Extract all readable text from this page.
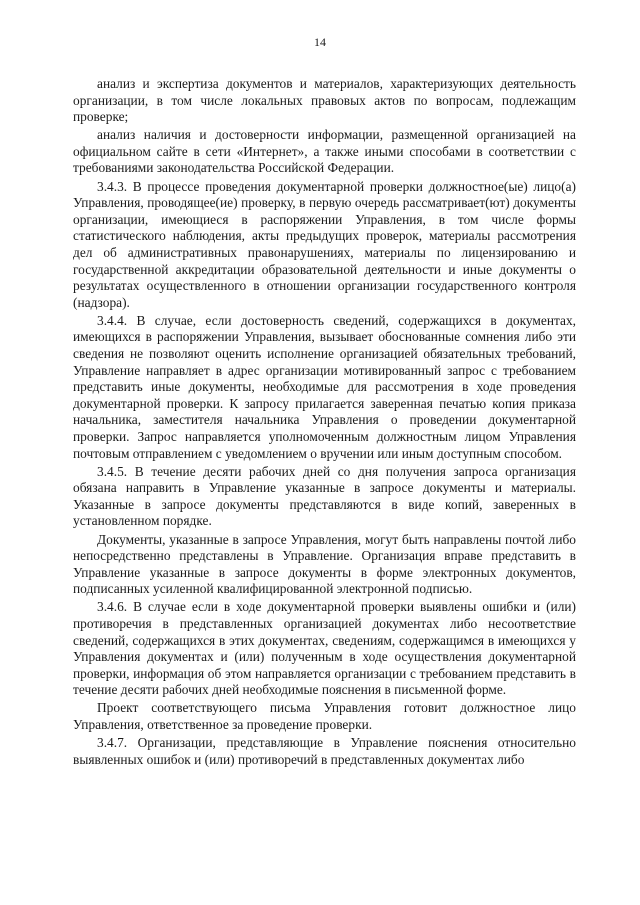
14

анализ и экспертиза документов и материалов, характеризующих деятельность организации, в том числе локальных правовых актов по вопросам, подлежащим проверке;

анализ наличия и достоверности информации, размещенной организацией на официальном сайте в сети «Интернет», а также иными способами в соответствии с требованиями законодательства Российской Федерации.

3.4.3. В процессе проведения документарной проверки должностное(ые) лицо(а) Управления, проводящее(ие) проверку, в первую очередь рассматривает(ют) документы организации, имеющиеся в распоряжении Управления, в том числе формы статистического наблюдения, акты предыдущих проверок, материалы рассмотрения дел об административных правонарушениях, материалы по лицензированию и государственной аккредитации образовательной деятельности и иные документы о результатах осуществленного в отношении организации государственного контроля (надзора).

3.4.4. В случае, если достоверность сведений, содержащихся в документах, имеющихся в распоряжении Управления, вызывает обоснованные сомнения либо эти сведения не позволяют оценить исполнение организацией обязательных требований, Управление направляет в адрес организации мотивированный запрос с требованием представить иные документы, необходимые для рассмотрения в ходе проведения документарной проверки. К запросу прилагается заверенная печатью копия приказа начальника, заместителя начальника Управления о проведении документарной проверки. Запрос направляется уполномоченным должностным лицом Управления почтовым отправлением с уведомлением о вручении или иным доступным способом.

3.4.5. В течение десяти рабочих дней со дня получения запроса организация обязана направить в Управление указанные в запросе документы и материалы. Указанные в запросе документы представляются в виде копий, заверенных в установленном порядке.

Документы, указанные в запросе Управления, могут быть направлены почтой либо непосредственно представлены в Управление. Организация вправе представить в Управление указанные в запросе документы в форме электронных документов, подписанных усиленной квалифицированной электронной подписью.

3.4.6. В случае если в ходе документарной проверки выявлены ошибки и (или) противоречия в представленных организацией документах либо несоответствие сведений, содержащихся в этих документах, сведениям, содержащимся в имеющихся у Управления документах и (или) полученным в ходе осуществления документарной проверки, информация об этом направляется организации с требованием представить в течение десяти рабочих дней необходимые пояснения в письменной форме.

Проект соответствующего письма Управления готовит должностное лицо Управления, ответственное за проведение проверки.

3.4.7. Организации, представляющие в Управление пояснения относительно выявленных ошибок и (или) противоречий в представленных документах либо
